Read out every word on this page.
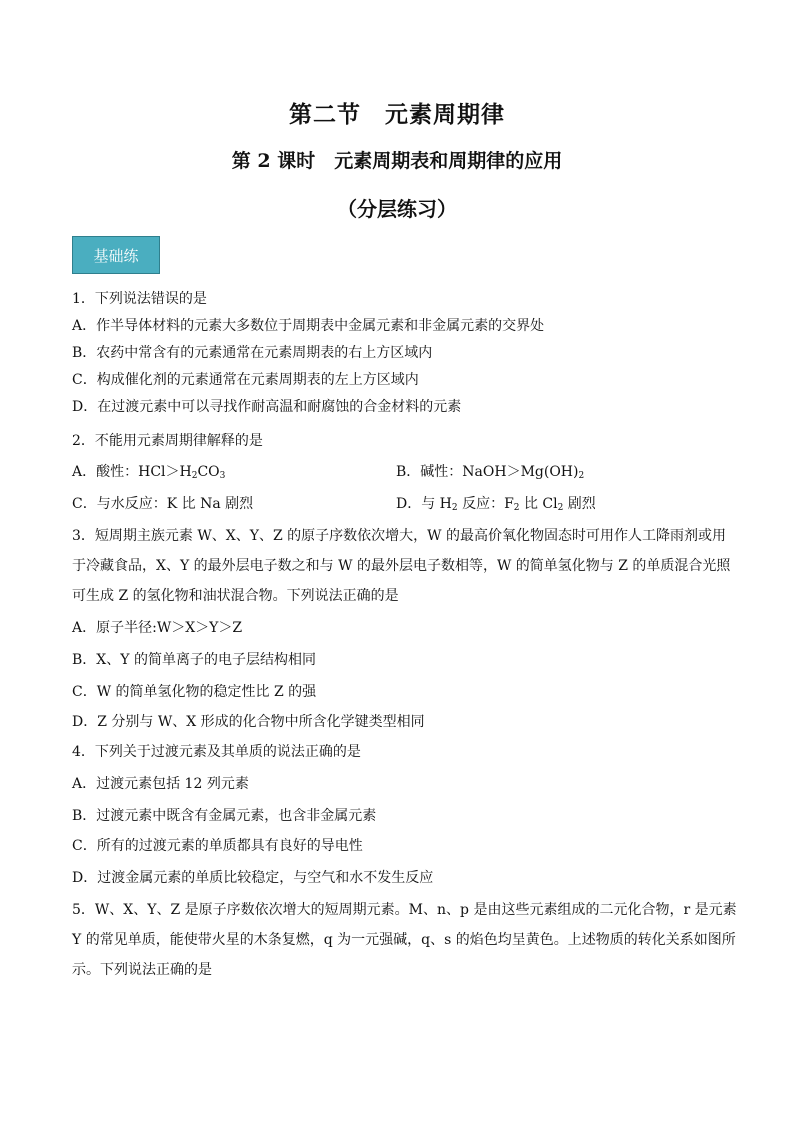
第二节　元素周期律
第 2 课时　元素周期表和周期律的应用
（分层练习）
基础练
1．下列说法错误的是
A．作半导体材料的元素大多数位于周期表中金属元素和非金属元素的交界处
B．农药中常含有的元素通常在元素周期表的右上方区域内
C．构成催化剂的元素通常在元素周期表的左上方区域内
D．在过渡元素中可以寻找作耐高温和耐腐蚀的合金材料的元素
2．不能用元素周期律解释的是
A．酸性：$HCl>H_2CO_3$	B．碱性：$NaOH>Mg(OH)_2$
C．与水反应：K 比 Na 剧烈	D．与 $H_2$ 反应：$F_2$ 比 $Cl_2$ 剧烈
3．短周期主族元素 W、X、Y、Z 的原子序数依次增大，W 的最高价氧化物固态时可用作人工降雨剂或用
于冷藏食品，X、Y 的最外层电子数之和与 W 的最外层电子数相等，W 的简单氢化物与 Z 的单质混合光照
可生成 Z 的氢化物和油状混合物。下列说法正确的是
A．原子半径:W＞X＞Y＞Z
B．X、Y 的简单离子的电子层结构相同
C．W 的简单氢化物的稳定性比 Z 的强
D．Z 分别与 W、X 形成的化合物中所含化学键类型相同
4．下列关于过渡元素及其单质的说法正确的是
A．过渡元素包括 12 列元素
B．过渡元素中既含有金属元素，也含非金属元素
C．所有的过渡元素的单质都具有良好的导电性
D．过渡金属元素的单质比较稳定，与空气和水不发生反应
5．W、X、Y、Z 是原子序数依次增大的短周期元素。M、n、p 是由这些元素组成的二元化合物，r 是元素
Y 的常见单质，能使带火星的木条复燃，q 为一元强碱，q、s 的焰色均呈黄色。上述物质的转化关系如图所
示。下列说法正确的是
